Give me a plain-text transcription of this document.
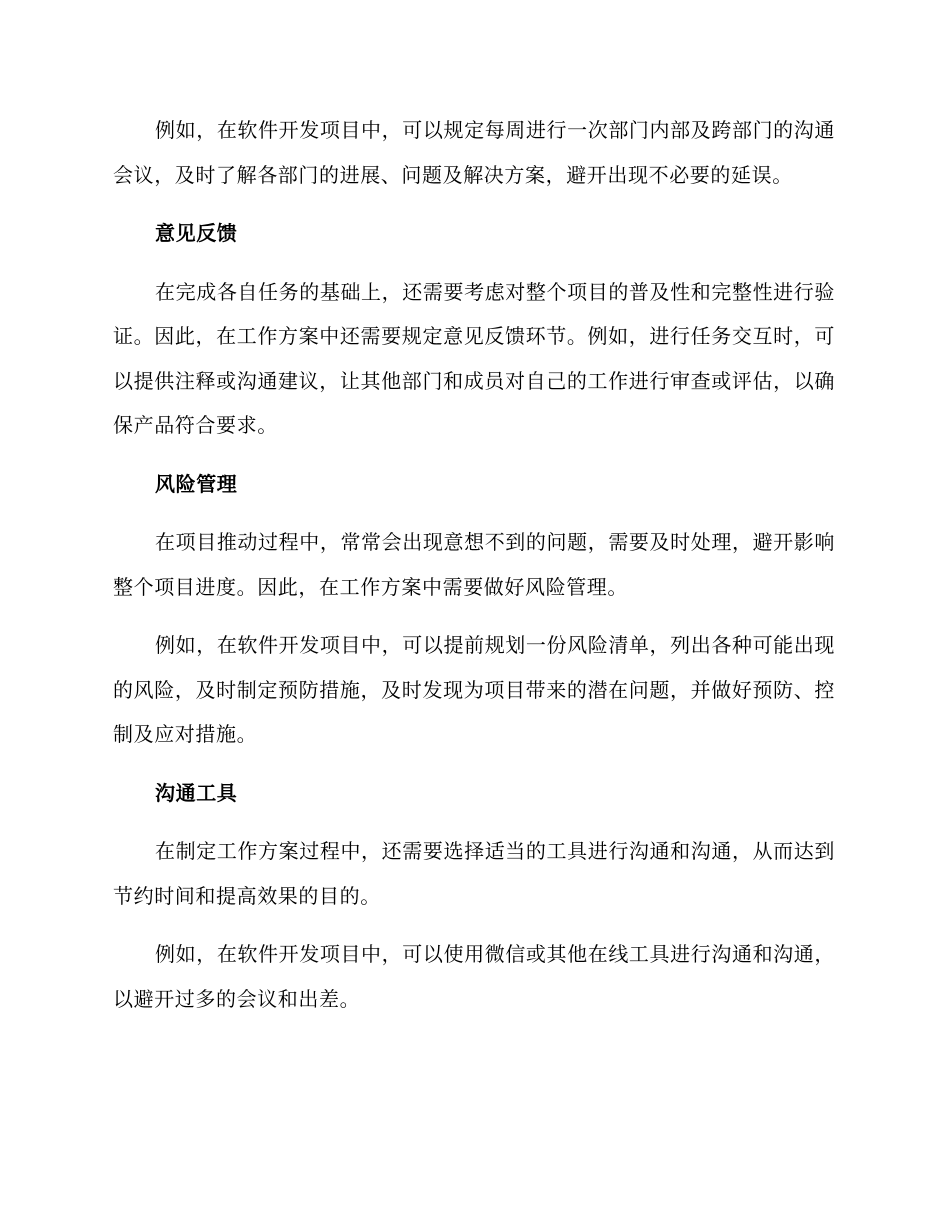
例如，在软件开发项目中，可以规定每周进行一次部门内部及跨部门的沟通会议，及时了解各部门的进展、问题及解决方案，避开出现不必要的延误。

意见反馈

在完成各自任务的基础上，还需要考虑对整个项目的普及性和完整性进行验证。因此，在工作方案中还需要规定意见反馈环节。例如，进行任务交互时，可以提供注释或沟通建议，让其他部门和成员对自己的工作进行审查或评估，以确保产品符合要求。

风险管理

在项目推动过程中，常常会出现意想不到的问题，需要及时处理，避开影响整个项目进度。因此，在工作方案中需要做好风险管理。

例如，在软件开发项目中，可以提前规划一份风险清单，列出各种可能出现的风险，及时制定预防措施，及时发现为项目带来的潜在问题，并做好预防、控制及应对措施。

沟通工具

在制定工作方案过程中，还需要选择适当的工具进行沟通和沟通，从而达到节约时间和提高效果的目的。

例如，在软件开发项目中，可以使用微信或其他在线工具进行沟通和沟通，以避开过多的会议和出差。
